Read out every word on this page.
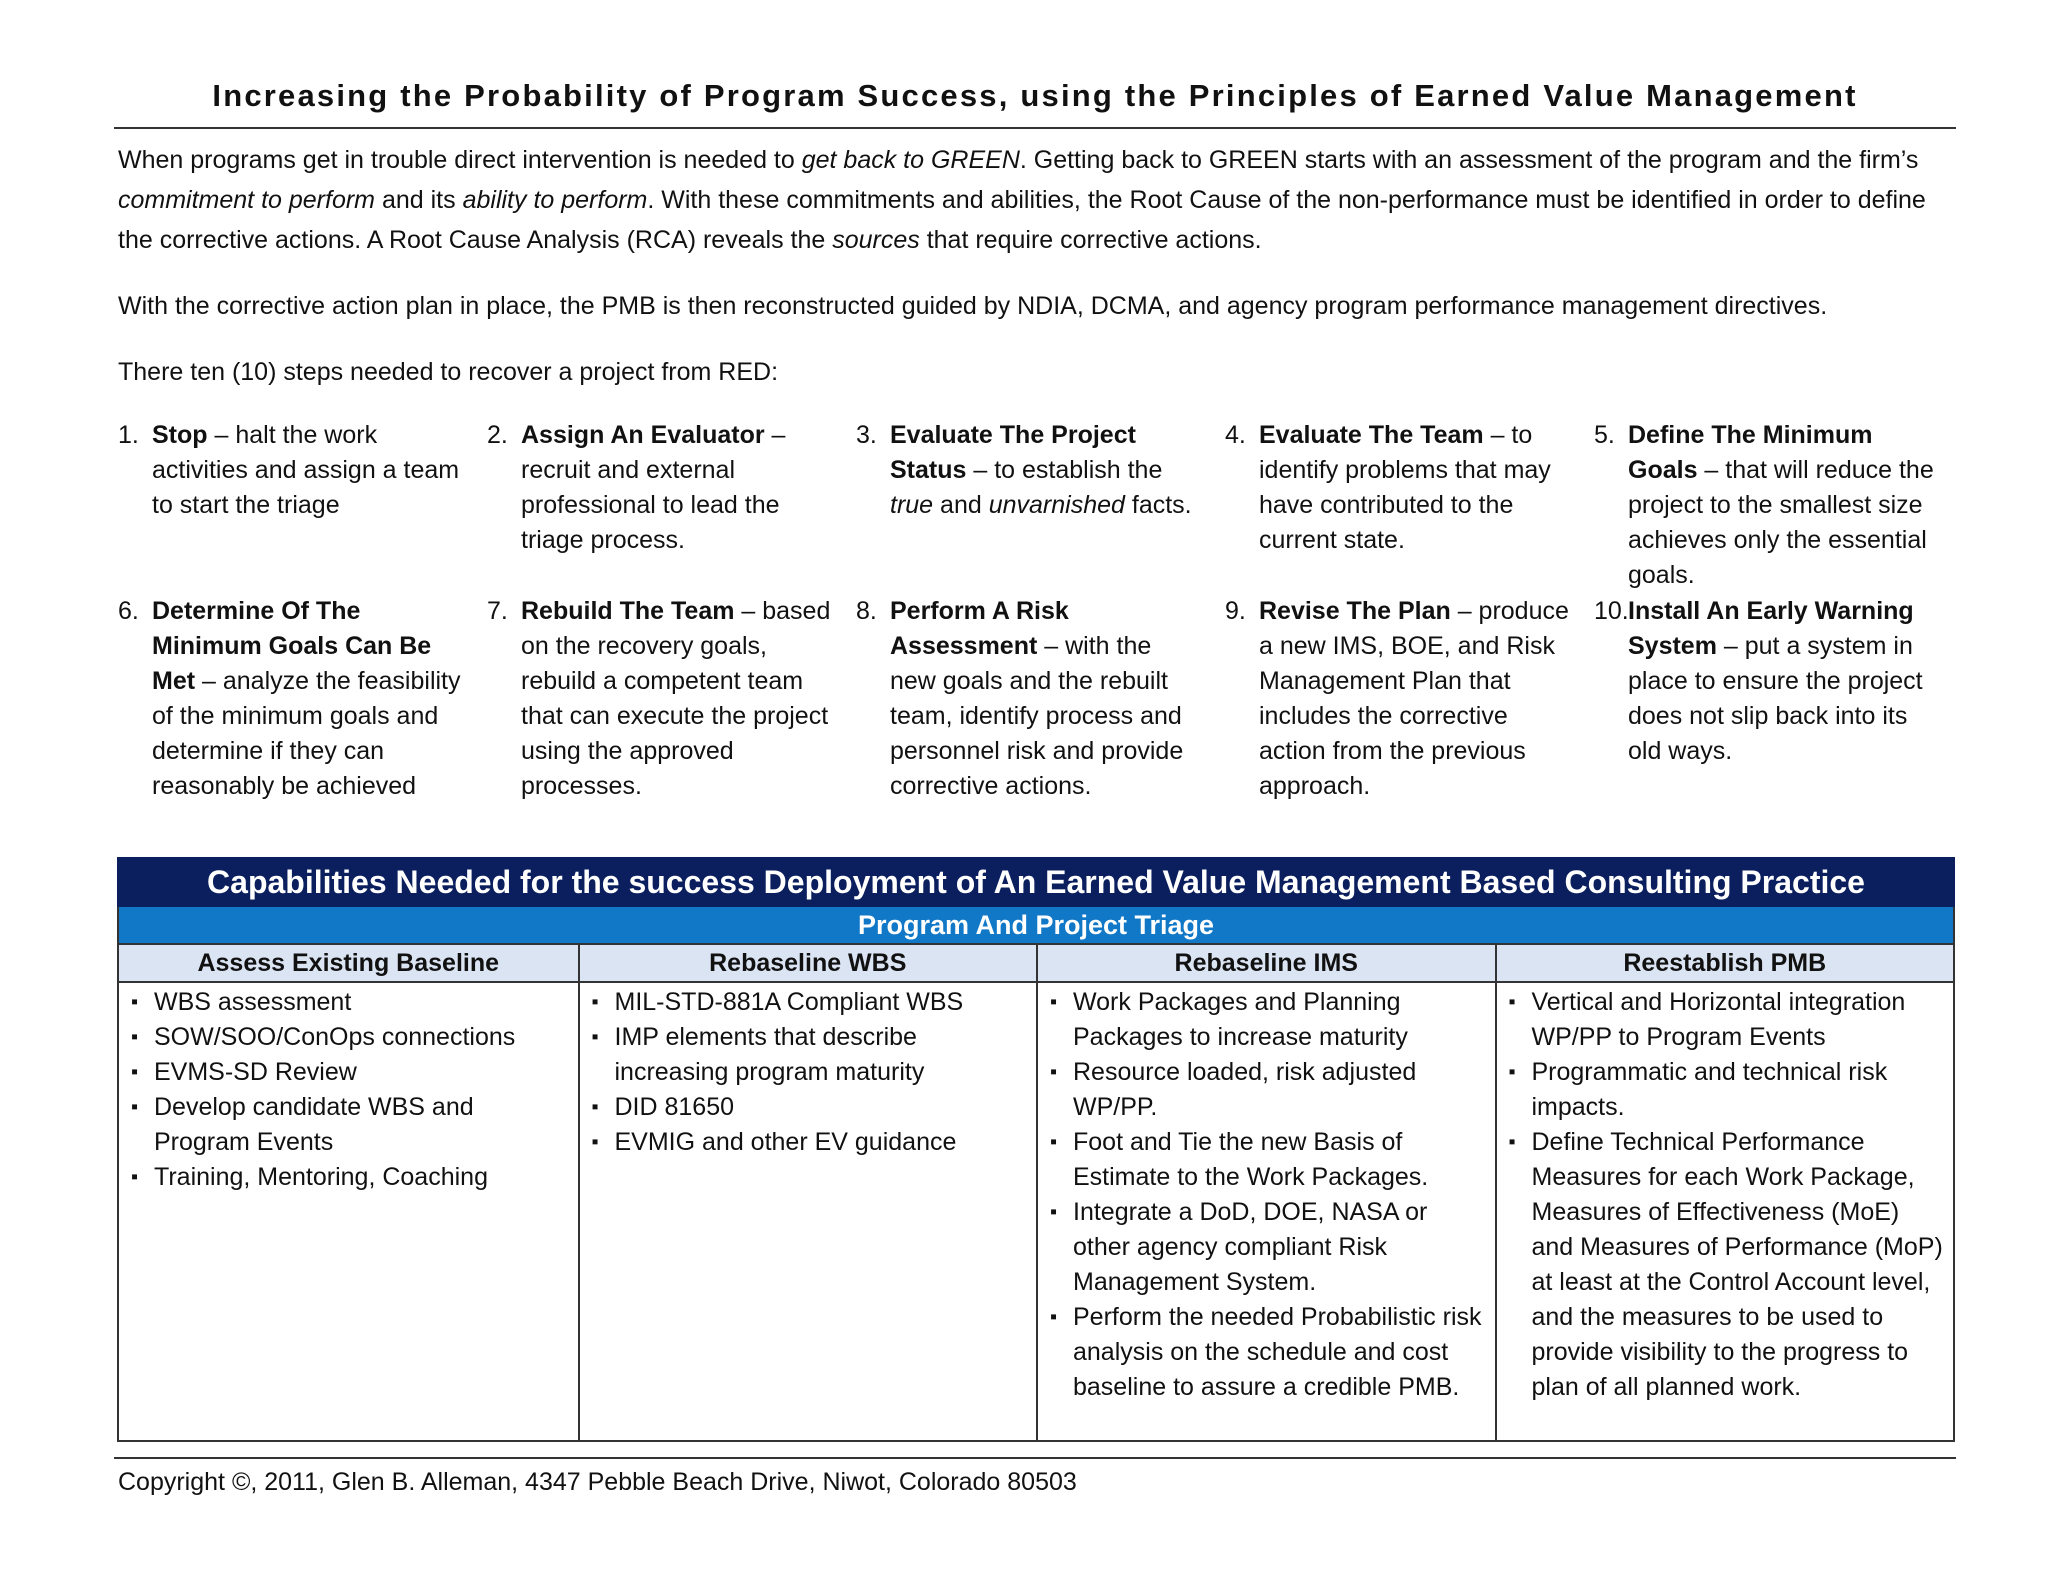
Increasing the Probability of Program Success, using the Principles of Earned Value Management
When programs get in trouble direct intervention is needed to get back to GREEN. Getting back to GREEN starts with an assessment of the program and the firm’s commitment to perform and its ability to perform. With these commitments and abilities, the Root Cause of the non-performance must be identified in order to define the corrective actions. A Root Cause Analysis (RCA) reveals the sources that require corrective actions.
With the corrective action plan in place, the PMB is then reconstructed guided by NDIA, DCMA, and agency program performance management directives.
There ten (10) steps needed to recover a project from RED:
1. Stop – halt the work activities and assign a team to start the triage
2. Assign An Evaluator – recruit and external professional to lead the triage process.
3. Evaluate The Project Status – to establish the true and unvarnished facts.
4. Evaluate The Team – to identify problems that may have contributed to the current state.
5. Define The Minimum Goals – that will reduce the project to the smallest size achieves only the essential goals.
6. Determine Of The Minimum Goals Can Be Met – analyze the feasibility of the minimum goals and determine if they can reasonably be achieved
7. Rebuild The Team – based on the recovery goals, rebuild a competent team that can execute the project using the approved processes.
8. Perform A Risk Assessment – with the new goals and the rebuilt team, identify process and personnel risk and provide corrective actions.
9. Revise The Plan – produce a new IMS, BOE, and Risk Management Plan that includes the corrective action from the previous approach.
10. Install An Early Warning System – put a system in place to ensure the project does not slip back into its old ways.
Capabilities Needed for the success Deployment of An Earned Value Management Based Consulting Practice
Program And Project Triage
Assess Existing Baseline
▪ WBS assessment
▪ SOW/SOO/ConOps connections
▪ EVMS-SD Review
▪ Develop candidate WBS and Program Events
▪ Training, Mentoring, Coaching
Rebaseline WBS
▪ MIL-STD-881A Compliant WBS
▪ IMP elements that describe increasing program maturity
▪ DID 81650
▪ EVMIG and other EV guidance
Rebaseline IMS
▪ Work Packages and Planning Packages to increase maturity
▪ Resource loaded, risk adjusted WP/PP.
▪ Foot and Tie the new Basis of Estimate to the Work Packages.
▪ Integrate a DoD, DOE, NASA or other agency compliant Risk Management System.
▪ Perform the needed Probabilistic risk analysis on the schedule and cost baseline to assure a credible PMB.
Reestablish PMB
▪ Vertical and Horizontal integration WP/PP to Program Events
▪ Programmatic and technical risk impacts.
▪ Define Technical Performance Measures for each Work Package, Measures of Effectiveness (MoE) and Measures of Performance (MoP) at least at the Control Account level, and the measures to be used to provide visibility to the progress to plan of all planned work.
Copyright ©, 2011, Glen B. Alleman, 4347 Pebble Beach Drive, Niwot, Colorado 80503
